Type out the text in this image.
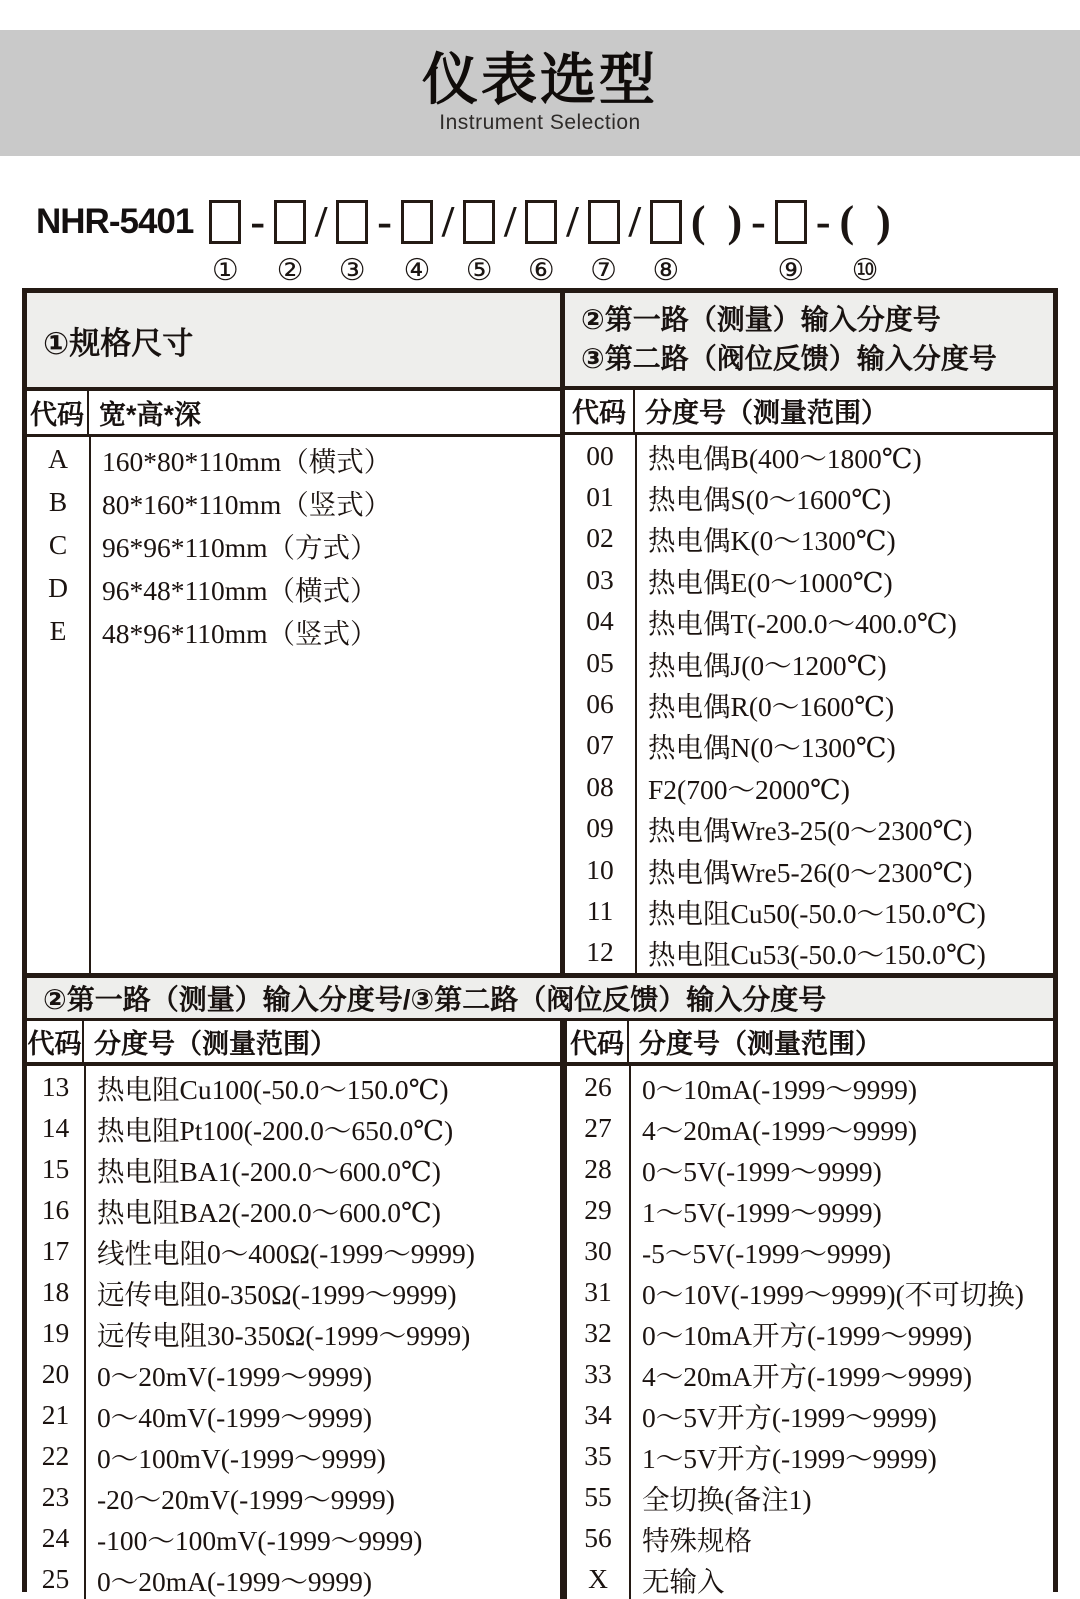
仪表选型
Instrument Selection
NHR-5401
①
-
②
/
③
-
④
/
⑤
/
⑥
/
⑦
/
⑧
(  ) -
⑨
- (  )
⑩
①规格尺寸
代码 宽*高*深
A	160*80*110mm（横式）
B	80*160*110mm（竖式）
C	96*96*110mm（方式）
D	96*48*110mm（横式）
E	48*96*110mm（竖式）
②第一路（测量）输入分度号
③第二路（阀位反馈）输入分度号
代码 分度号（测量范围）
00	热电偶B(400～1800℃)
01	热电偶S(0～1600℃)
02	热电偶K(0～1300℃)
03	热电偶E(0～1000℃)
04	热电偶T(-200.0～400.0℃)
05	热电偶J(0～1200℃)
06	热电偶R(0～1600℃)
07	热电偶N(0～1300℃)
08	F2(700～2000℃)
09	热电偶Wre3-25(0～2300℃)
10	热电偶Wre5-26(0～2300℃)
11	热电阻Cu50(-50.0～150.0℃)
12	热电阻Cu53(-50.0～150.0℃)
②第一路（测量）输入分度号/③第二路（阀位反馈）输入分度号
代码 分度号（测量范围）
13	热电阻Cu100(-50.0～150.0℃)
14	热电阻Pt100(-200.0～650.0℃)
15	热电阻BA1(-200.0～600.0℃)
16	热电阻BA2(-200.0～600.0℃)
17	线性电阻0～400Ω(-1999～9999)
18	远传电阻0-350Ω(-1999～9999)
19	远传电阻30-350Ω(-1999～9999)
20	0～20mV(-1999～9999)
21	0～40mV(-1999～9999)
22	0～100mV(-1999～9999)
23	-20～20mV(-1999～9999)
24	-100～100mV(-1999～9999)
25	0～20mA(-1999～9999)
代码 分度号（测量范围）
26	0～10mA(-1999～9999)
27	4～20mA(-1999～9999)
28	0～5V(-1999～9999)
29	1～5V(-1999～9999)
30	-5～5V(-1999～9999)
31	0～10V(-1999～9999)(不可切换)
32	0～10mA开方(-1999～9999)
33	4～20mA开方(-1999～9999)
34	0～5V开方(-1999～9999)
35	1～5V开方(-1999～9999)
55	全切换(备注1)
56	特殊规格
X	无输入
